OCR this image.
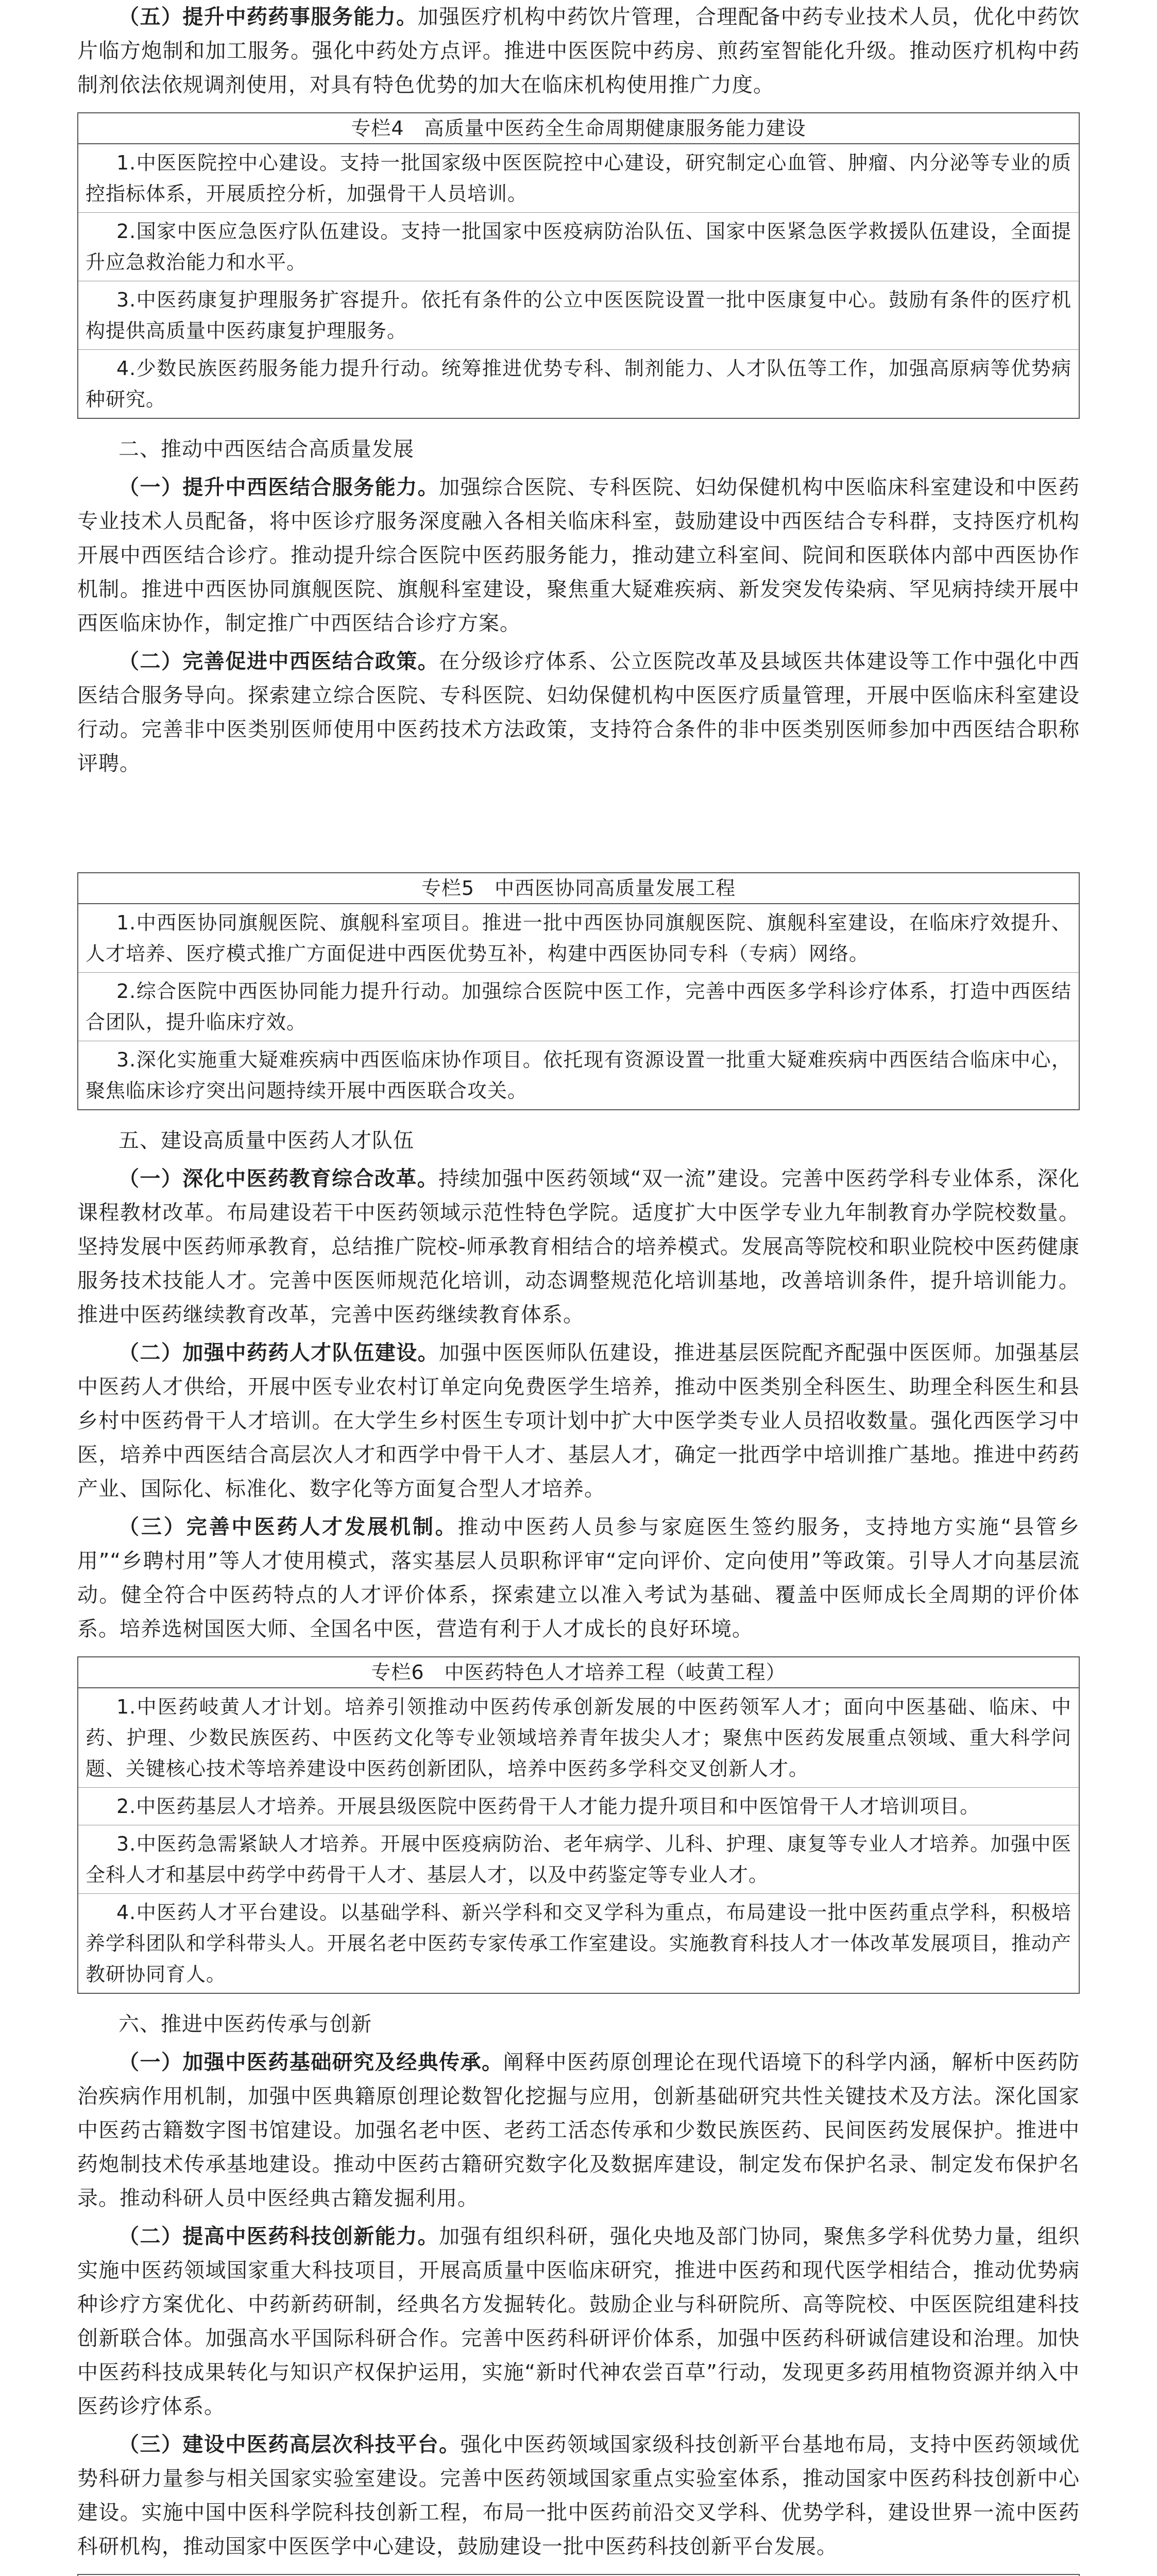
（五）提升中药药事服务能力。加强医疗机构中药饮片管理，合理配备中药专业技术人员，优化中药饮片临方炮制和加工服务。强化中药处方点评。推进中医医院中药房、煎药室智能化升级。推动医疗机构中药制剂依法依规调剂使用，对具有特色优势的加大在临床机构使用推广力度。

专栏4　高质量中医药全生命周期健康服务能力建设
1.中医医院控中心建设。支持一批国家级中医医院控中心建设，研究制定心血管、肿瘤、内分泌等专业的质控指标体系，开展质控分析，加强骨干人员培训。
2.国家中医应急医疗队伍建设。支持一批国家中医疫病防治队伍、国家中医紧急医学救援队伍建设，全面提升应急救治能力和水平。
3.中医药康复护理服务扩容提升。依托有条件的公立中医医院设置一批中医康复中心。鼓励有条件的医疗机构提供高质量中医药康复护理服务。
4.少数民族医药服务能力提升行动。统筹推进优势专科、制剂能力、人才队伍等工作，加强高原病等优势病种研究。
二、推动中西医结合高质量发展

（一）提升中西医结合服务能力。加强综合医院、专科医院、妇幼保健机构中医临床科室建设和中医药专业技术人员配备，将中医诊疗服务深度融入各相关临床科室，鼓励建设中西医结合专科群，支持医疗机构开展中西医结合诊疗。推动提升综合医院中医药服务能力，推动建立科室间、院间和医联体内部中西医协作机制。推进中西医协同旗舰医院、旗舰科室建设，聚焦重大疑难疾病、新发突发传染病、罕见病持续开展中西医临床协作，制定推广中西医结合诊疗方案。

（二）完善促进中西医结合政策。在分级诊疗体系、公立医院改革及县域医共体建设等工作中强化中西医结合服务导向。探索建立综合医院、专科医院、妇幼保健机构中医医疗质量管理，开展中医临床科室建设行动。完善非中医类别医师使用中医药技术方法政策，支持符合条件的非中医类别医师参加中西医结合职称评聘。

专栏5　中西医协同高质量发展工程
1.中西医协同旗舰医院、旗舰科室项目。推进一批中西医协同旗舰医院、旗舰科室建设，在临床疗效提升、人才培养、医疗模式推广方面促进中西医优势互补，构建中西医协同专科（专病）网络。
2.综合医院中西医协同能力提升行动。加强综合医院中医工作，完善中西医多学科诊疗体系，打造中西医结合团队，提升临床疗效。
3.深化实施重大疑难疾病中西医临床协作项目。依托现有资源设置一批重大疑难疾病中西医结合临床中心，聚焦临床诊疗突出问题持续开展中西医联合攻关。
五、建设高质量中医药人才队伍

（一）深化中医药教育综合改革。持续加强中医药领域“双一流”建设。完善中医药学科专业体系，深化课程教材改革。布局建设若干中医药领域示范性特色学院。适度扩大中医学专业九年制教育办学院校数量。坚持发展中医药师承教育，总结推广院校-师承教育相结合的培养模式。发展高等院校和职业院校中医药健康服务技术技能人才。完善中医医师规范化培训，动态调整规范化培训基地，改善培训条件，提升培训能力。推进中医药继续教育改革，完善中医药继续教育体系。

（二）加强中药药人才队伍建设。加强中医医师队伍建设，推进基层医院配齐配强中医医师。加强基层中医药人才供给，开展中医专业农村订单定向免费医学生培养，推动中医类别全科医生、助理全科医生和县乡村中医药骨干人才培训。在大学生乡村医生专项计划中扩大中医学类专业人员招收数量。强化西医学习中医，培养中西医结合高层次人才和西学中骨干人才、基层人才，确定一批西学中培训推广基地。推进中药药产业、国际化、标准化、数字化等方面复合型人才培养。

（三）完善中医药人才发展机制。推动中医药人员参与家庭医生签约服务，支持地方实施“县管乡用”“乡聘村用”等人才使用模式，落实基层人员职称评审“定向评价、定向使用”等政策。引导人才向基层流动。健全符合中医药特点的人才评价体系，探索建立以准入考试为基础、覆盖中医师成长全周期的评价体系。培养选树国医大师、全国名中医，营造有利于人才成长的良好环境。

专栏6　中医药特色人才培养工程（岐黄工程）
1.中医药岐黄人才计划。培养引领推动中医药传承创新发展的中医药领军人才；面向中医基础、临床、中药、护理、少数民族医药、中医药文化等专业领域培养青年拔尖人才；聚焦中医药发展重点领域、重大科学问题、关键核心技术等培养建设中医药创新团队，培养中医药多学科交叉创新人才。
2.中医药基层人才培养。开展县级医院中医药骨干人才能力提升项目和中医馆骨干人才培训项目。
3.中医药急需紧缺人才培养。开展中医疫病防治、老年病学、儿科、护理、康复等专业人才培养。加强中医全科人才和基层中药学中药骨干人才、基层人才，以及中药鉴定等专业人才。
4.中医药人才平台建设。以基础学科、新兴学科和交叉学科为重点，布局建设一批中医药重点学科，积极培养学科团队和学科带头人。开展名老中医药专家传承工作室建设。实施教育科技人才一体改革发展项目，推动产教研协同育人。
六、推进中医药传承与创新

（一）加强中医药基础研究及经典传承。阐释中医药原创理论在现代语境下的科学内涵，解析中医药防治疾病作用机制，加强中医典籍原创理论数智化挖掘与应用，创新基础研究共性关键技术及方法。深化国家中医药古籍数字图书馆建设。加强名老中医、老药工活态传承和少数民族医药、民间医药发展保护。推进中药炮制技术传承基地建设。推动中医药古籍研究数字化及数据库建设，制定发布保护名录、制定发布保护名录。推动科研人员中医经典古籍发掘利用。

（二）提高中医药科技创新能力。加强有组织科研，强化央地及部门协同，聚焦多学科优势力量，组织实施中医药领域国家重大科技项目，开展高质量中医临床研究，推进中医药和现代医学相结合，推动优势病种诊疗方案优化、中药新药研制，经典名方发掘转化。鼓励企业与科研院所、高等院校、中医医院组建科技创新联合体。加强高水平国际科研合作。完善中医药科研评价体系，加强中医药科研诚信建设和治理。加快中医药科技成果转化与知识产权保护运用，实施“新时代神农尝百草”行动，发现更多药用植物资源并纳入中医药诊疗体系。

（三）建设中医药高层次科技平台。强化中医药领域国家级科技创新平台基地布局，支持中医药领域优势科研力量参与相关国家实验室建设。完善中医药领域国家重点实验室体系，推动国家中医药科技创新中心建设。实施中国中医科学院科技创新工程，布局一批中医药前沿交叉学科、优势学科，建设世界一流中医药科研机构，推动国家中医医学中心建设，鼓励建设一批中医药科技创新平台发展。
